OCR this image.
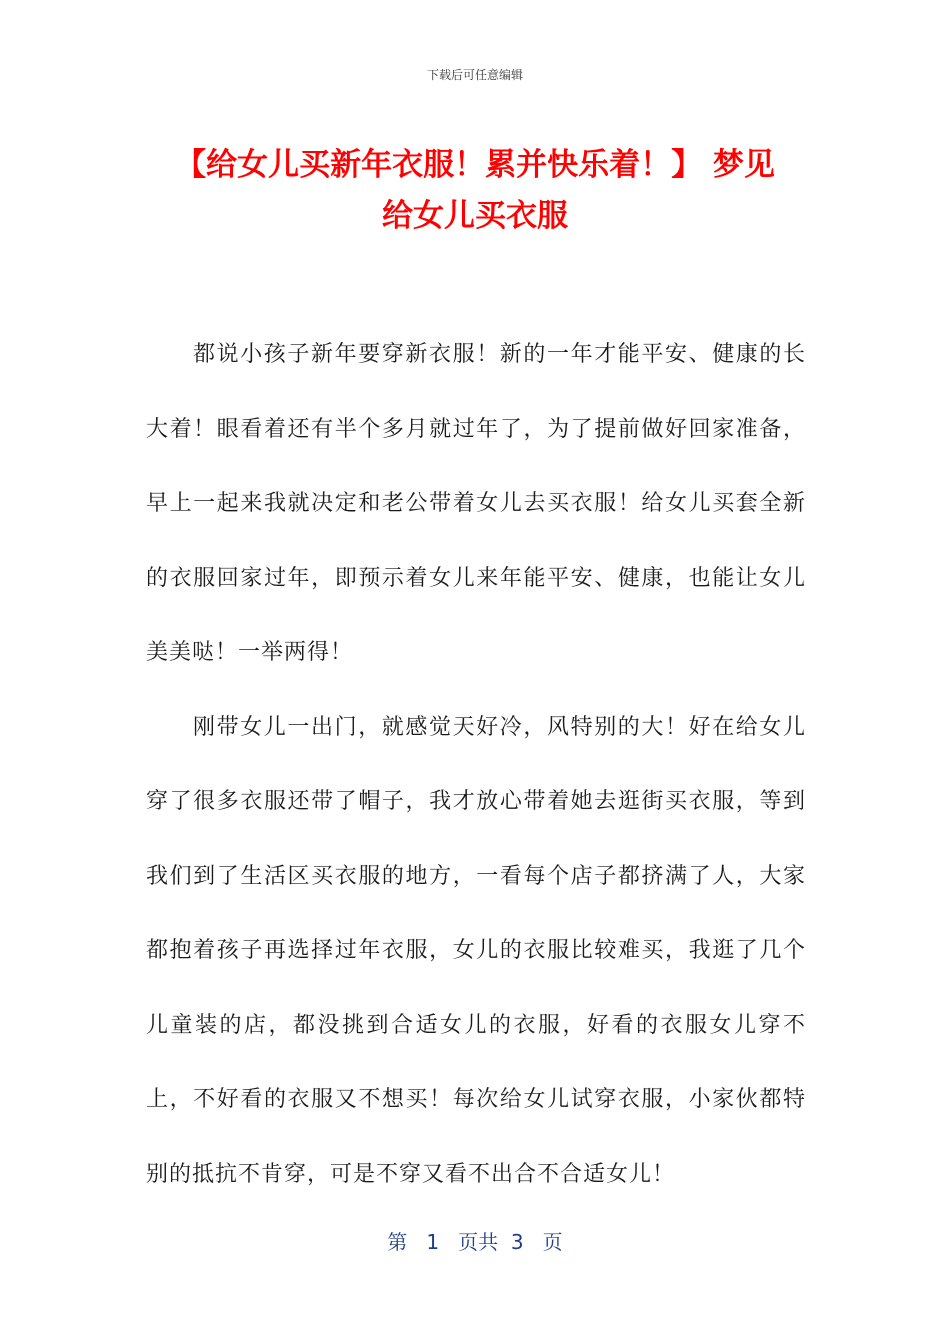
下载后可任意编辑
【给女儿买新年衣服！累并快乐着！】 梦见
给女儿买衣服

都说小孩子新年要穿新衣服！新的一年才能平安、健康的长大着！眼看着还有半个多月就过年了，为了提前做好回家准备，早上一起来我就决定和老公带着女儿去买衣服！给女儿买套全新的衣服回家过年，即预示着女儿来年能平安、健康，也能让女儿美美哒！一举两得！

刚带女儿一出门，就感觉天好冷，风特别的大！好在给女儿穿了很多衣服还带了帽子，我才放心带着她去逛街买衣服，等到我们到了生活区买衣服的地方，一看每个店子都挤满了人，大家都抱着孩子再选择过年衣服，女儿的衣服比较难买，我逛了几个儿童装的店，都没挑到合适女儿的衣服，好看的衣服女儿穿不上，不好看的衣服又不想买！每次给女儿试穿衣服，小家伙都特别的抵抗不肯穿，可是不穿又看不出合不合适女儿！

第   1   页共  3   页
